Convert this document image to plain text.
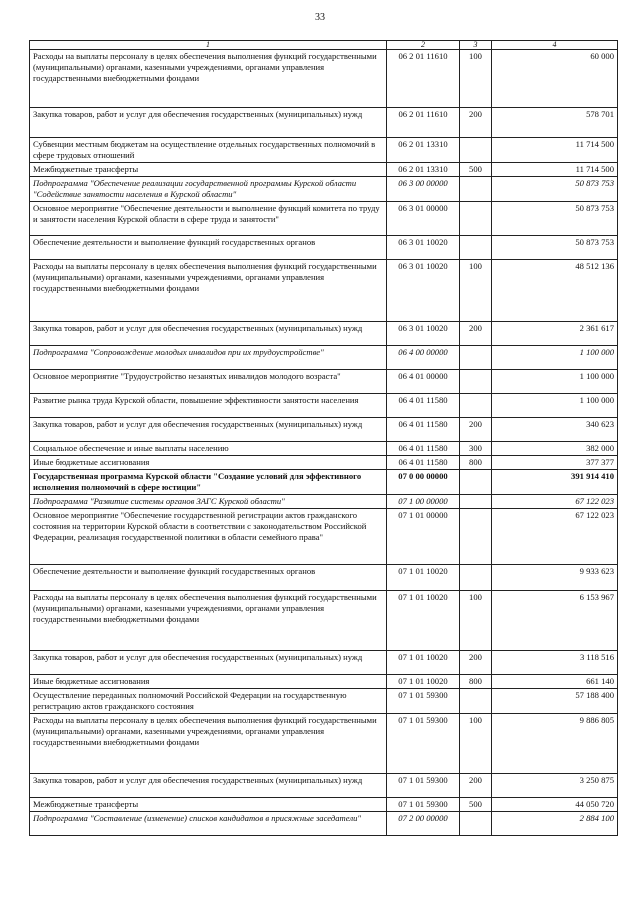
33
1	2	3	4
Расходы на выплаты персоналу в целях обеспечения выполнения функций государственными (муниципальными) органами, казенными учреждениями, органами управления государственными внебюджетными фондами	06 2 01 11610	100	60 000
Закупка товаров, работ и услуг для обеспечения государственных (муниципальных) нужд	06 2 01 11610	200	578 701
Субвенции местным бюджетам на осуществление отдельных государственных полномочий в сфере трудовых отношений	06 2 01 13310		11 714 500
Межбюджетные трансферты	06 2 01 13310	500	11 714 500
Подпрограмма "Обеспечение реализации государственной программы Курской области "Содействие занятости населения в Курской области"	06 3 00 00000		50 873 753
Основное мероприятие "Обеспечение деятельности и выполнение функций комитета по труду и занятости населения Курской области в сфере труда и занятости"	06 3 01 00000		50 873 753
Обеспечение деятельности и выполнение функций государственных органов	06 3 01 10020		50 873 753
Расходы на выплаты персоналу в целях обеспечения выполнения функций государственными (муниципальными) органами, казенными учреждениями, органами управления государственными внебюджетными фондами	06 3 01 10020	100	48 512 136
Закупка товаров, работ и услуг для обеспечения государственных (муниципальных) нужд	06 3 01 10020	200	2 361 617
Подпрограмма "Сопровождение молодых инвалидов при их трудоустройстве"	06 4 00 00000		1 100 000
Основное мероприятие "Трудоустройство незанятых инвалидов молодого возраста"	06 4 01 00000		1 100 000
Развитие рынка труда Курской области, повышение эффективности занятости населения	06 4 01 11580		1 100 000
Закупка товаров, работ и услуг для обеспечения государственных (муниципальных) нужд	06 4 01 11580	200	340 623
Социальное обеспечение и иные выплаты населению	06 4 01 11580	300	382 000
Иные бюджетные ассигнования	06 4 01 11580	800	377 377
Государственная программа Курской области "Создание условий для эффективного исполнения полномочий в сфере юстиции"	07 0 00 00000		391 914 410
Подпрограмма "Развитие системы органов ЗАГС Курской области"	07 1 00 00000		67 122 023
Основное мероприятие "Обеспечение государственной регистрации актов гражданского состояния на территории Курской области в соответствии с законодательством Российской Федерации, реализация государственной политики в области семейного права"	07 1 01 00000		67 122 023
Обеспечение деятельности и выполнение функций государственных органов	07 1 01 10020		9 933 623
Расходы на выплаты персоналу в целях обеспечения выполнения функций государственными (муниципальными) органами, казенными учреждениями, органами управления государственными внебюджетными фондами	07 1 01 10020	100	6 153 967
Закупка товаров, работ и услуг для обеспечения государственных (муниципальных) нужд	07 1 01 10020	200	3 118 516
Иные бюджетные ассигнования	07 1 01 10020	800	661 140
Осуществление переданных полномочий Российской Федерации на государственную регистрацию актов гражданского состояния	07 1 01 59300		57 188 400
Расходы на выплаты персоналу в целях обеспечения выполнения функций государственными (муниципальными) органами, казенными учреждениями, органами управления государственными внебюджетными фондами	07 1 01 59300	100	9 886 805
Закупка товаров, работ и услуг для обеспечения государственных (муниципальных) нужд	07 1 01 59300	200	3 250 875
Межбюджетные трансферты	07 1 01 59300	500	44 050 720
Подпрограмма "Составление (изменение) списков кандидатов в присяжные заседатели"	07 2 00 00000		2 884 100
